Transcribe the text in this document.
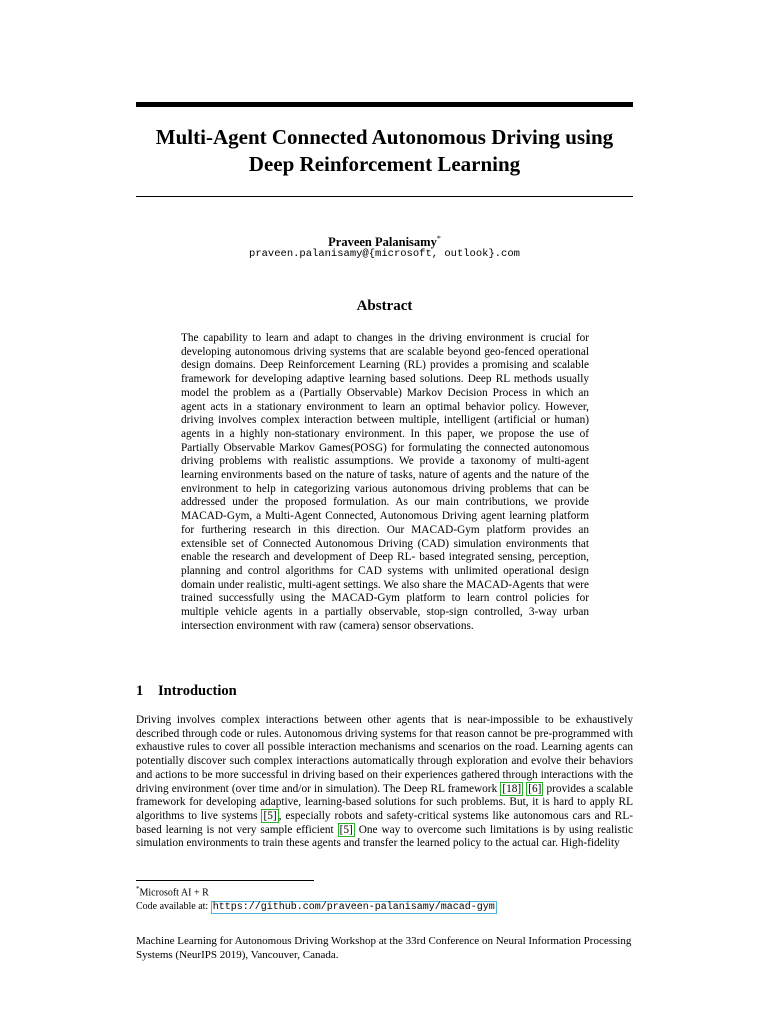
Multi-Agent Connected Autonomous Driving using
Deep Reinforcement Learning
Praveen Palanisamy*
praveen.palanisamy@{microsoft, outlook}.com
Abstract

The capability to learn and adapt to changes in the driving environment is crucial for developing autonomous driving systems that are scalable beyond geo-fenced operational design domains. Deep Reinforcement Learning (RL) provides a promising and scalable framework for developing adaptive learning based solutions. Deep RL methods usually model the problem as a (Partially Observable) Markov Decision Process in which an agent acts in a stationary environment to learn an optimal behavior policy. However, driving involves complex interaction between multiple, intelligent (artificial or human) agents in a highly non-stationary environment. In this paper, we propose the use of Partially Observable Markov Games(POSG) for formulating the connected autonomous driving problems with realistic assumptions. We provide a taxonomy of multi-agent learning environments based on the nature of tasks, nature of agents and the nature of the environment to help in categorizing various autonomous driving problems that can be addressed under the proposed formulation. As our main contributions, we provide MACAD-Gym, a Multi-Agent Connected, Autonomous Driving agent learning platform for furthering research in this direction. Our MACAD-Gym platform provides an extensible set of Connected Autonomous Driving (CAD) simulation environments that enable the research and development of Deep RL- based integrated sensing, perception, planning and control algorithms for CAD systems with unlimited operational design domain under realistic, multi-agent settings. We also share the MACAD-Agents that were trained successfully using the MACAD-Gym platform to learn control policies for multiple vehicle agents in a partially observable, stop-sign controlled, 3-way urban intersection environment with raw (camera) sensor observations.

1 Introduction

Driving involves complex interactions between other agents that is near-impossible to be exhaustively described through code or rules. Autonomous driving systems for that reason cannot be pre-programmed with exhaustive rules to cover all possible interaction mechanisms and scenarios on the road. Learning agents can potentially discover such complex interactions automatically through exploration and evolve their behaviors and actions to be more successful in driving based on their experiences gathered through interactions with the driving environment (over time and/or in simulation). The Deep RL framework [18] [6] provides a scalable framework for developing adaptive, learning-based solutions for such problems. But, it is hard to apply RL algorithms to live systems [5] , especially robots and safety-critical systems like autonomous cars and RL-based learning is not very sample efficient [5] One way to overcome such limitations is by using realistic simulation environments to train these agents and transfer the learned policy to the actual car. High-fidelity

*Microsoft AI + R
Code available at: https://github.com/praveen-palanisamy/macad-gym
Machine Learning for Autonomous Driving Workshop at the 33rd Conference on Neural Information Processing
Systems (NeurIPS 2019), Vancouver, Canada.
